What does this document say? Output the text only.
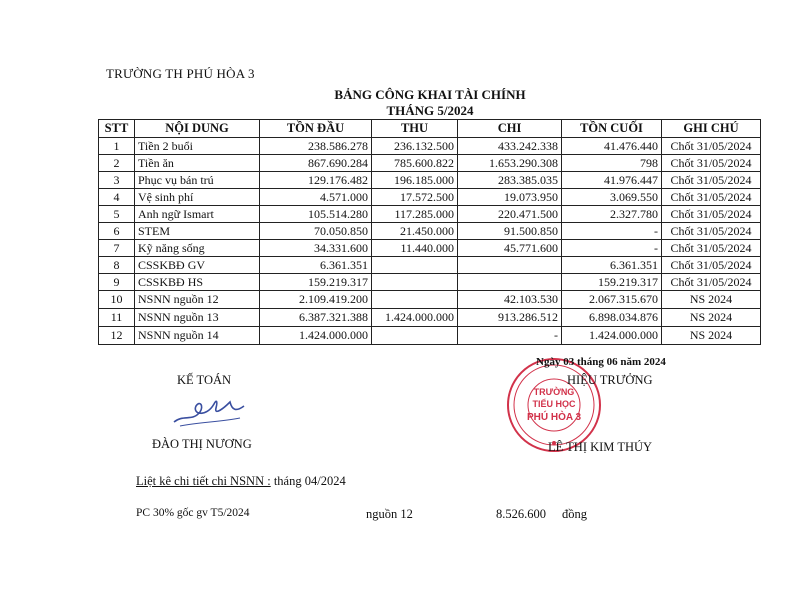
TRƯỜNG TH PHÚ HÒA 3
BẢNG CÔNG KHAI TÀI CHÍNH
THÁNG 5/2024
STT	NỘI DUNG	TỒN ĐẦU	THU	CHI	TỒN CUỐI	GHI CHÚ
1	Tiền 2 buổi	238.586.278	236.132.500	433.242.338	41.476.440	Chốt 31/05/2024
2	Tiền ăn	867.690.284	785.600.822	1.653.290.308	798	Chốt 31/05/2024
3	Phục vụ bán trú	129.176.482	196.185.000	283.385.035	41.976.447	Chốt 31/05/2024
4	Vệ sinh phí	4.571.000	17.572.500	19.073.950	3.069.550	Chốt 31/05/2024
5	Anh ngữ Ismart	105.514.280	117.285.000	220.471.500	2.327.780	Chốt 31/05/2024
6	STEM	70.050.850	21.450.000	91.500.850	-	Chốt 31/05/2024
7	Kỹ năng sống	34.331.600	11.440.000	45.771.600	-	Chốt 31/05/2024
8	CSSKBĐ GV	6.361.351			6.361.351	Chốt 31/05/2024
9	CSSKBĐ HS	159.219.317			159.219.317	Chốt 31/05/2024
10	NSNN nguồn 12	2.109.419.200		42.103.530	2.067.315.670	NS 2024
11	NSNN nguồn 13	6.387.321.388	1.424.000.000	913.286.512	6.898.034.876	NS 2024
12	NSNN nguồn 14	1.424.000.000		-	1.424.000.000	NS 2024
TRƯỜNG
TIỂU HỌC
PHÚ HÒA 3
Ngày 03 tháng 06 năm 2024
KẾ TOÁN	HIỆU TRƯỞNG
ĐÀO THỊ NƯƠNG	LÊ THỊ KIM THÚY
Liệt kê chi tiết chi NSNN : tháng 04/2024
PC 30% gốc gv T5/2024	nguồn 12	8.526.600 đồng
